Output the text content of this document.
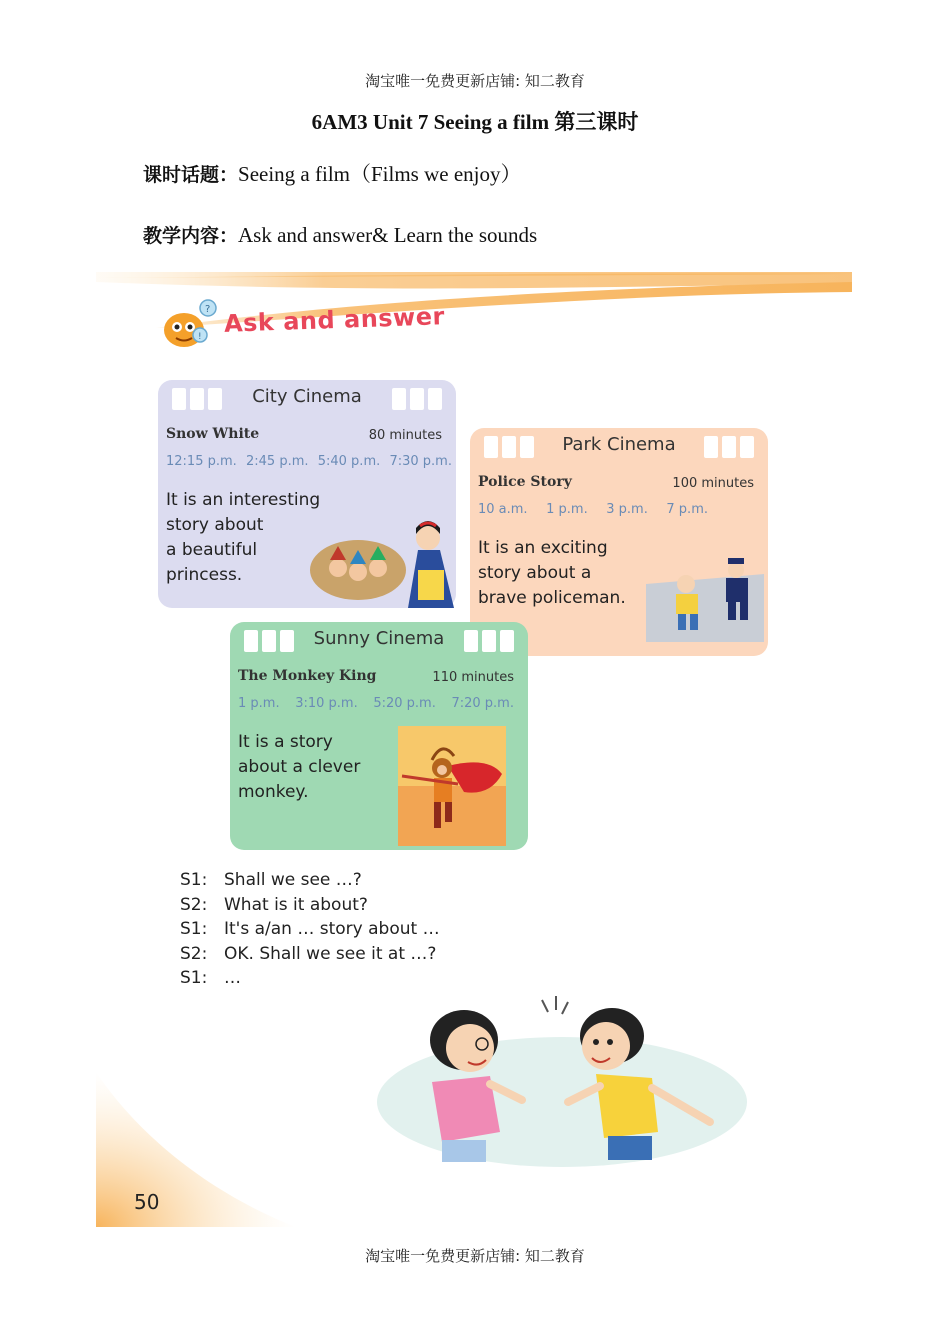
淘宝唯一免费更新店铺: 知二教育
6AM3 Unit 7 Seeing a film 第三课时
课时话题：Seeing a film（Films we enjoy）
教学内容：Ask and answer& Learn the sounds
?
! Ask and answer
City Cinema
Snow White	80 minutes
12:15 p.m. 2:45 p.m. 5:40 p.m. 7:30 p.m.
It is an interesting
story about
a beautiful
princess.
Park Cinema
Police Story	100 minutes
10 a.m. 1 p.m. 3 p.m. 7 p.m.
It is an exciting
story about a
brave policeman.
Sunny Cinema
The Monkey King	110 minutes
1 p.m. 3:10 p.m. 5:20 p.m. 7:20 p.m.
It is a story
about a clever
monkey.
S1: Shall we see …?
S2: What is it about?
S1: It's a/an … story about …
S2: OK. Shall we see it at …?
S1: …
50
淘宝唯一免费更新店铺: 知二教育
